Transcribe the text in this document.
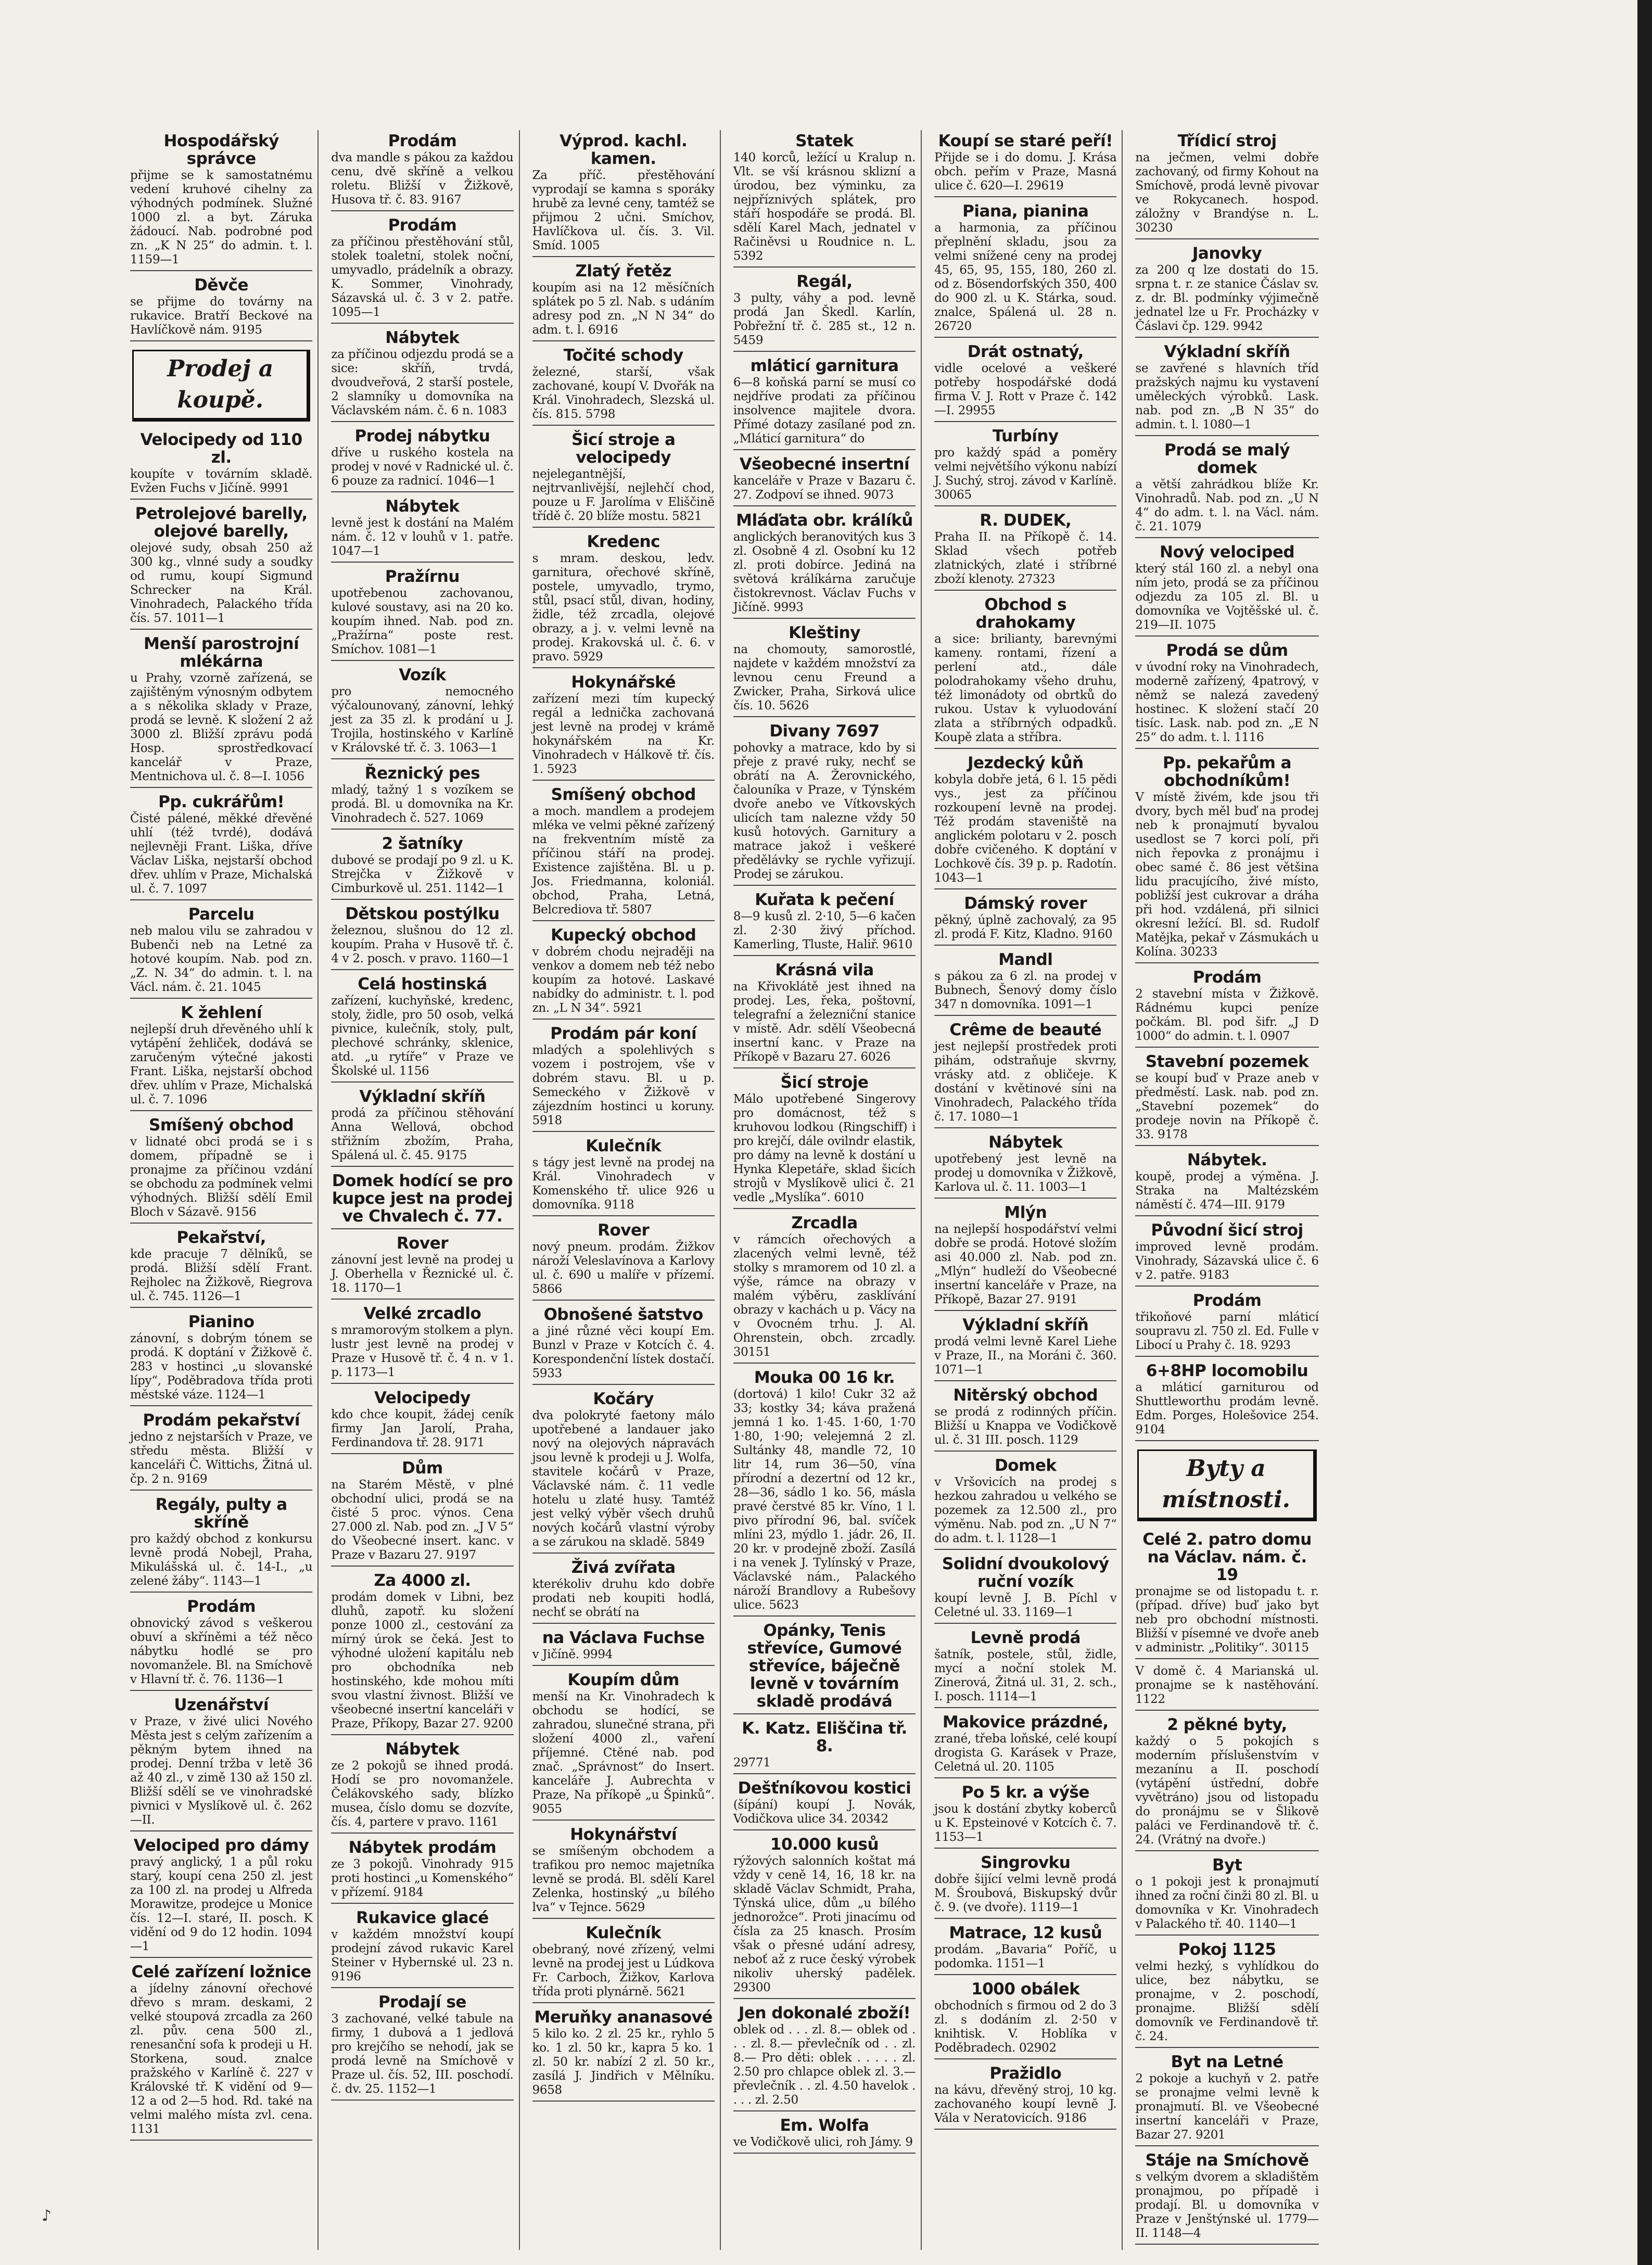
Hospodářský správce

přijme se k samostatnému vedení kruhové cihelny za výhodných podmínek. Služné 1000 zl. a byt. Záruka žádoucí. Nab. podrobné pod zn. „K N 25“ do admin. t. l. 1159—1

Děvče

se přijme do továrny na rukavice. Bratří Beckové na Havlíčkově nám. 9195

Prodej a koupě.
Velocipedy od 110 zl.

koupíte v továrním skladě. Evžen Fuchs v Jičíně. 9991

Petrolejové barelly, olejové barelly,

olejové sudy, obsah 250 až 300 kg., vlnné sudy a soudky od rumu, koupí Sigmund Schrecker na Král. Vinohradech, Palackého třída čís. 57. 1011—1

Menší parostrojní mlékárna

u Prahy, vzorně zařízená, se zajištěným výnosným odbytem a s několika sklady v Praze, prodá se levně. K složení 2 až 3000 zl. Bližší zprávu podá Hosp. sprostředkovací kancelář v Praze, Mentnichova ul. č. 8—I. 1056

Pp. cukrářům!

Čisté pálené, měkké dřevěné uhlí (též tvrdé), dodává nejlevněji Frant. Liška, dříve Václav Liška, nejstarší obchod dřev. uhlím v Praze, Michalská ul. č. 7. 1097

Parcelu

neb malou vilu se zahradou v Bubenči neb na Letné za hotové koupím. Nab. pod zn. „Z. N. 34“ do admin. t. l. na Václ. nám. č. 21. 1045

K žehlení

nejlepší druh dřevěného uhlí k vytápění žehliček, dodává se zaručeným výtečné jakosti Frant. Liška, nejstarší obchod dřev. uhlím v Praze, Michalská ul. č. 7. 1096

Smíšený obchod

v lidnaté obci prodá se i s domem, případně se i pronajme za příčinou vzdání se obchodu za podmínek velmi výhodných. Bližší sdělí Emil Bloch v Sázavě. 9156

Pekařství,

kde pracuje 7 dělníků, se prodá. Bližší sdělí Frant. Rejholec na Žižkově, Riegrova ul. č. 745. 1126—1

Pianino

zánovní, s dobrým tónem se prodá. K doptání v Žižkově č. 283 v hostinci „u slovanské lípy“, Poděbradova třída proti městské váze. 1124—1

Prodám pekařství

jedno z nejstarších v Praze, ve středu města. Bližší v kanceláři Č. Wittichs, Žitná ul. čp. 2 n. 9169

Regály, pulty a skříně

pro každý obchod z konkursu levně prodá Nobejl, Praha, Mikulášská ul. č. 14-I., „u zelené žáby“. 1143—1

Prodám

obnovický závod s veškerou obuví a skříněmi a též něco nábytku hodlé se pro novomanžele. Bl. na Smíchově v Hlavní tř. č. 76. 1136—1

Uzenářství

v Praze, v živé ulici Nového Města jest s celým zařízením a pěkným bytem ihned na prodej. Denní tržba v letě 36 až 40 zl., v zimě 130 až 150 zl. Bližší sdělí se ve vinohradské pivnici v Myslíkově ul. č. 262—II.

Velociped pro dámy

pravý anglický, 1 a půl roku starý, koupí cena 250 zl. jest za 100 zl. na prodej u Alfreda Morawitze, prodejce u Monice čís. 12—I. staré, II. posch. K vidění od 9 do 12 hodin. 1094—1

Celé zařízení ložnice

a jídelny zánovní ořechové dřevo s mram. deskami, 2 velké stoupová zrcadla za 260 zl. pův. cena 500 zl., renesanční sofa k prodeji u H. Storkena, soud. znalce pražského v Karlíně č. 227 v Královské tř. K vidění od 9—12 a od 2—5 hod. Rd. také na velmi malého místa zvl. cena. 1131

Prodám

dva mandle s pákou za každou cenu, dvě skříně a velkou roletu. Bližší v Žižkově, Husova tř. č. 83. 9167

Prodám

za příčinou přestěhování stůl, stolek toaletní, stolek noční, umyvadlo, prádelník a obrazy. K. Sommer, Vinohrady, Sázavská ul. č. 3 v 2. patře. 1095—1

Nábytek

za příčinou odjezdu prodá se a sice: skříň, trvdá, dvoudveřová, 2 starší postele, 2 slamníky u domovníka na Václavském nám. č. 6 n. 1083

Prodej nábytku

dříve u ruského kostela na prodej v nové v Radnické ul. č. 6 pouze za radnicí. 1046—1

Nábytek

levně jest k dostání na Malém nám. č. 12 v louhů v 1. patře. 1047—1

Pražírnu

upotřebenou zachovanou, kulové soustavy, asi na 20 ko. koupím ihned. Nab. pod zn. „Pražírna“ poste rest. Smíchov. 1081—1

Vozík

pro nemocného výčalounovaný, zánovní, lehký jest za 35 zl. k prodání u J. Trojila, hostinského v Karlíně v Královské tř. č. 3. 1063—1

Řeznický pes

mladý, tažný 1 s vozíkem se prodá. Bl. u domovníka na Kr. Vinohradech č. 527. 1069

2 šatníky

dubové se prodají po 9 zl. u K. Strejčka v Žižkově v Cimburkově ul. 251. 1142—1

Dětskou postýlku

železnou, slušnou do 12 zl. koupím. Praha v Husově tř. č. 4 v 2. posch. v pravo. 1160—1

Celá hostinská

zařízení, kuchyňské, kredenc, stoly, židle, pro 50 osob, velká pivnice, kulečník, stoly, pult, plechové schránky, sklenice, atd. „u rytíře“ v Praze ve Školské ul. 1156

Výkladní skříň

prodá za příčinou stěhování Anna Wellová, obchod střižním zbožím, Praha, Spálená ul. č. 45. 9175

Domek hodící se pro kupce jest na prodej ve Chvalech č. 77.
Rover

zánovní jest levně na prodej u J. Oberhella v Řeznické ul. č. 18. 1170—1

Velké zrcadlo

s mramorovým stolkem a plyn. lustr jest levně na prodej v Praze v Husově tř. č. 4 n. v 1. p. 1173—1

Velocipedy

kdo chce koupit, žádej ceník firmy Jan Jarolí, Praha, Ferdinandova tř. 28. 9171

Dům

na Starém Městě, v plné obchodní ulici, prodá se na čisté 5 proc. výnos. Cena 27.000 zl. Nab. pod zn. „J V 5“ do Všeobecné insert. kanc. v Praze v Bazaru 27. 9197

Za 4000 zl.

prodám domek v Libni, bez dluhů, zapotř. ku složení ponze 1000 zl., cestování za mírný úrok se čeká. Jest to výhodné uložení kapitálu neb pro obchodníka neb hostinského, kde mohou míti svou vlastní živnost. Bližší ve všeobecné insertní kanceláři v Praze, Příkopy, Bazar 27. 9200

Nábytek

ze 2 pokojů se ihned prodá. Hodí se pro novomanžele. Čelákovského sady, blízko musea, číslo domu se dozvíte, čís. 4, partere v pravo. 1161

Nábytek prodám

ze 3 pokojů. Vinohrady 915 proti hostinci „u Komenského“ v přízemí. 9184

Rukavice glacé

v každém množství koupí prodejní závod rukavic Karel Steiner v Hybernské ul. 23 n. 9196

Prodají se

3 zachované, velké tabule na firmy, 1 dubová a 1 jedlová pro krejčího se nehodí, jak se prodá levně na Smíchově v Praze ul. čís. 52, III. poschodí. č. dv. 25. 1152—1

Výprod. kachl. kamen.

Za příč. přestěhování vyprodají se kamna s sporáky hrubě za levné ceny, tamtéž se přijmou 2 učni. Smíchov, Havlíčkova ul. čís. 3. Vil. Smíd. 1005

Zlatý řetěz

koupím asi na 12 měsíčních splátek po 5 zl. Nab. s udáním adresy pod zn. „N N 34“ do adm. t. l. 6916

Točité schody

železné, starší, však zachované, koupí V. Dvořák na Král. Vinohradech, Slezská ul. čís. 815. 5798

Šicí stroje a velocipedy

nejelegantnější, nejtrvanlivější, nejlehčí chod, pouze u F. Jarolíma v Eliščině třídě č. 20 blíže mostu. 5821

Kredenc

s mram. deskou, ledv. garnitura, ořechové skříně, postele, umyvadlo, trymo, stůl, psací stůl, divan, hodiny, židle, též zrcadla, olejové obrazy, a j. v. velmi levně na prodej. Krakovská ul. č. 6. v pravo. 5929

Hokynářské

zařízení mezi tím kupecký regál a lednička zachovaná jest levně na prodej v krámě hokynářském na Kr. Vinohradech v Hálkově tř. čís. 1. 5923

Smíšený obchod

a moch. mandlem a prodejem mléka ve velmi pěkné zařízený na frekventním místě za příčinou stáří na prodej. Existence zajištěna. Bl. u p. Jos. Friedmanna, koloniál. obchod, Praha, Letná, Belcrediova tř. 5807

Kupecký obchod

v dobrém chodu nejraději na venkov a domem neb též nebo koupím za hotové. Laskavé nabídky do administr. t. l. pod zn. „L N 34“. 5921

Prodám pár koní

mladých a spolehlivých s vozem i postrojem, vše v dobrém stavu. Bl. u p. Semeckého v Žižkově v zájezdním hostinci u koruny. 5918

Kulečník

s tágy jest levně na prodej na Král. Vinohradech v Komenského tř. ulice 926 u domovníka. 9118

Rover

nový pneum. prodám. Žižkov nároží Veleslavínova a Karlovy ul. č. 690 u malíře v přízemí. 5866

Obnošené šatstvo

a jiné různé věci koupí Em. Bunzl v Praze v Kotcích č. 4. Korespondenční lístek dostačí. 5933

Kočáry

dva polokryté faetony málo upotřebené a landauer jako nový na olejových nápravách jsou levně k prodeji u J. Wolfa, stavitele kočárů v Praze, Václavské nám. č. 11 vedle hotelu u zlaté husy. Tamtéž jest velký výběr všech druhů nových kočárů vlastní výroby a se zárukou na skladě. 5849

Živá zvířata

kterékoliv druhu kdo dobře prodati neb koupiti hodlá, nechť se obrátí na

na Václava Fuchse

v Jičíně. 9994

Koupím dům

menší na Kr. Vinohradech k obchodu se hodící, se zahradou, slunečné strana, při složení 4000 zl., vaření příjemné. Ctěné nab. pod znač. „Správnost“ do Insert. kanceláře J. Aubrechta v Praze, Na příkopě „u Špinků“. 9055

Hokynářství

se smíšeným obchodem a trafikou pro nemoc majetníka levně se prodá. Bl. sdělí Karel Zelenka, hostinský „u bílého lva“ v Tejnce. 5629

Kulečník

obebraný, nové zřízený, velmi levně na prodej jest u Lúdkova Fr. Carboch, Žižkov, Karlova třída proti plynárně. 5621

Meruňky ananasové

5 kilo ko. 2 zl. 25 kr., ryhlo 5 ko. 1 zl. 50 kr., kapra 5 ko. 1 zl. 50 kr. nabízí 2 zl. 50 kr., zasílá J. Jindřich v Mělníku. 9658

Statek

140 korců, ležící u Kralup n. Vlt. se vší krásnou sklizní a úrodou, bez výminku, za nejpříznivých splátek, pro stáří hospodáře se prodá. Bl. sdělí Karel Mach, jednatel v Račiněvsi u Roudnice n. L. 5392

Regál,

3 pulty, váhy a pod. levně prodá Jan Škedl. Karlín, Pobřežní tř. č. 285 st., 12 n. 5459

mláticí garnitura

6—8 koňská parní se musí co nejdříve prodati za příčinou insolvence majitele dvora. Přímé dotazy zasílané pod zn. „Mláticí garnitura“ do

Všeobecné insertní

kanceláře v Praze v Bazaru č. 27. Zodpoví se ihned. 9073

Mláďata obr. králíků

anglických beranovitých kus 3 zl. Osobně 4 zl. Osobní ku 12 zl. proti dobírce. Jediná na světová králíkárna zaručuje čistokrevnost. Václav Fuchs v Jičíně. 9993

Kleštiny

na chomouty, samorostlé, najdete v každém množství za levnou cenu Freund a Zwicker, Praha, Sirková ulice čís. 10. 5626

Divany 7697

pohovky a matrace, kdo by si přeje z pravé ruky, nechť se obrátí na A. Žerovnického, čalouníka v Praze, v Týnském dvoře anebo ve Vítkovských ulicích tam nalezne vždy 50 kusů hotových. Garnitury a matrace jakož i veškeré předělávky se rychle vyřizují. Prodej se zárukou.

Kuřata k pečení

8—9 kusů zl. 2·10, 5—6 kačen zl. 2·30 živý příchod. Kamerling, Tluste, Haliř. 9610

Krásná vila

na Křivoklátě jest ihned na prodej. Les, řeka, poštovní, telegrafní a železniční stanice v místě. Adr. sdělí Všeobecná insertní kanc. v Praze na Příkopě v Bazaru 27. 6026

Šicí stroje

Málo upotřebené Singerovy pro domácnost, též s kruhovou lodkou (Ringschiff) i pro krejčí, dále ovilndr elastik, pro dámy na levně k dostání u Hynka Klepetáře, sklad šicích strojů v Myslíkově ulici č. 21 vedle „Myslíka“. 6010

Zrcadla

v rámcích ořechových a zlacených velmi levně, též stolky s mramorem od 10 zl. a výše, rámce na obrazy v malém výběru, zasklívání obrazy v kachách u p. Vácy na v Ovocném trhu. J. Al. Ohrenstein, obch. zrcadly. 30151

Mouka 00 16 kr.

(dortová) 1 kilo! Cukr 32 až 33; kostky 34; káva pražená jemná 1 ko. 1·45. 1·60, 1·70 1·80, 1·90; velejemná 2 zl. Sultánky 48, mandle 72, 10 litr 14, rum 36—50, vína přírodní a dezertní od 12 kr., 28—36, sádlo 1 ko. 56, másla pravé čerstvé 85 kr. Víno, 1 l. pivo přírodní 96, bal. svíček mlíni 23, mýdlo 1. jádr. 26, II. 20 kr. v prodejně zboží. Zasílá i na venek J. Tylínský v Praze, Václavské nám., Palackého nároží Brandlovy a Rubešovy ulice. 5623

Opánky, Tenis střevíce, Gumové střevíce, báječně levně v továrním skladě prodává
K. Katz. Eliščina tř. 8.

29771

Dešťníkovou kostici

(šípání) koupí J. Novák, Vodičkova ulice 34. 20342

10.000 kusů

rýžových salonních koštat má vždy v ceně 14, 16, 18 kr. na skladě Václav Schmidt, Praha, Týnská ulice, dům „u bílého jednorožce“. Proti jinacímu od čísla za 25 knasch. Prosím však o přesné udání adresy, neboť až z ruce český výrobek nikoliv uherský padělek. 29300

Jen dokonalé zboží!

oblek od . . . zl. 8.— oblek od . . . zl. 8.— převlečník od . . zl. 8.— Pro děti: oblek . . . . . zl. 2.50 pro chlapce oblek zl. 3.— převlečník . . zl. 4.50 havelok . . . . zl. 2.50

Em. Wolfa

ve Vodičkově ulici, roh Jámy. 9

Koupí se staré peří!

Přijde se i do domu. J. Krása obch. peřím v Praze, Masná ulice č. 620—I. 29619

Piana, pianina

a harmonia, za příčinou přeplnění skladu, jsou za velmi snížené ceny na prodej 45, 65, 95, 155, 180, 260 zl. od z. Bösendorfských 350, 400 do 900 zl. u K. Stárka, soud. znalce, Spálená ul. 28 n. 26720

Drát ostnatý,

vidle ocelové a veškeré potřeby hospodářské dodá firma V. J. Rott v Praze č. 142—I. 29955

Turbíny

pro každý spád a poměry velmi největšího výkonu nabízí J. Suchý, stroj. závod v Karlíně. 30065

R. DUDEK,

Praha II. na Příkopě č. 14. Sklad všech potřeb zlatnických, zlaté i stříbrné zboží klenoty. 27323

Obchod s drahokamy

a sice: brilianty, barevnými kameny. rontami, řízení a perlení atd., dále polodrahokamy všeho druhu, též limonádoty od obrtků do rukou. Ustav k vyluodování zlata a stříbrných odpadků. Koupě zlata a stříbra.

Jezdecký kůň

kobyla dobře jetá, 6 l. 15 pědi vys., jest za příčinou rozkoupení levně na prodej. Též prodám staveniště na anglickém polotaru v 2. posch dobře cvičeného. K doptání v Lochkově čís. 39 p. p. Radotín. 1043—1

Dámský rover

pěkný, úplně zachovalý, za 95 zl. prodá F. Kitz, Kladno. 9160

Mandl

s pákou za 6 zl. na prodej v Bubnech, Šenový domy číslo 347 n domovníka. 1091—1

Crême de beauté

jest nejlepší prostředek proti pihám, odstraňuje skvrny, vrásky atd. z obličeje. K dostání v květinové síni na Vinohradech, Palackého třída č. 17. 1080—1

Nábytek

upotřebený jest levně na prodej u domovníka v Žižkově, Karlova ul. č. 11. 1003—1

Mlýn

na nejlepší hospodářství velmi dobře se prodá. Hotové složím asi 40.000 zl. Nab. pod zn. „Mlýn“ hudleží do Všeobecné insertní kanceláře v Praze, na Příkopě, Bazar 27. 9191

Výkladní skříň

prodá velmi levně Karel Liehe v Praze, II., na Moráni č. 360. 1071—1

Nitěrský obchod

se prodá z rodinných příčin. Bližší u Knappa ve Vodičkově ul. č. 31 III. posch. 1129

Domek

v Vršovicích na prodej s hezkou zahradou u velkého se pozemek za 12.500 zl., pro výměnu. Nab. pod zn. „U N 7“ do adm. t. l. 1128—1

Solidní dvoukolový ruční vozík

koupí levně J. B. Píchl v Celetné ul. 33. 1169—1

Levně prodá

šatník, postele, stůl, židle, mycí a noční stolek M. Zinerová, Žitná ul. 31, 2. sch., I. posch. 1114—1

Makovice prázdné,

zrané, třeba loňské, celé koupí drogista G. Karásek v Praze, Celetná ul. 20. 1105

Po 5 kr. a výše

jsou k dostání zbytky koberců u K. Epsteinové v Kotcích č. 7. 1153—1

Singrovku

dobře šijící velmi levně prodá M. Šroubová, Biskupský dvůr č. 9. (ve dvoře). 1119—1

Matrace, 12 kusů

prodám. „Bavaria“ Poříč, u podomka. 1151—1

1000 obálek

obchodních s firmou od 2 do 3 zl. s dodáním zl. 2·50 v knihtisk. V. Hoblíka v Poděbradech. 02902

Pražidlo

na kávu, dřevěný stroj, 10 kg. zachovaného koupí levně J. Vála v Neratovicích. 9186

Třídicí stroj

na ječmen, velmi dobře zachovaný, od firmy Kohout na Smíchově, prodá levně pivovar ve Rokycanech. hospod. záložny v Brandýse n. L. 30230

Janovky

za 200 q lze dostati do 15. srpna t. r. ze stanice Čáslav sv. z. dr. Bl. podmínky výjimečně jednatel lze u Fr. Procházky v Čáslavi čp. 129. 9942

Výkladní skříň

se zavřené s hlavních tříd pražských najmu ku vystavení uměleckých výrobků. Lask. nab. pod zn. „B N 35“ do admin. t. l. 1080—1

Prodá se malý domek

a větší zahrádkou blíže Kr. Vinohradů. Nab. pod zn. „U N 4“ do adm. t. l. na Václ. nám. č. 21. 1079

Nový velociped

který stál 160 zl. a nebyl ona ním jeto, prodá se za příčinou odjezdu za 105 zl. Bl. u domovníka ve Vojtěšské ul. č. 219—II. 1075

Prodá se dům

v úvodní roky na Vinohradech, moderně zařízený, 4patrový, v němž se nalezá zavedený hostinec. K složení stačí 20 tisíc. Lask. nab. pod zn. „E N 25“ do adm. t. l. 1116

Pp. pekařům a obchodníkům!

V místě živém, kde jsou tři dvory, bych měl buď na prodej neb k pronajmutí byvalou usedlost se 7 korci polí, při nich řepovka z pronájmu i obec samé č. 86 jest většina lidu pracujícího, živé místo, pobližší jest cukrovar a dráha při hod. vzdálená, při silnici okresní ležící. Bl. sd. Rudolf Matějka, pekař v Zásmukách u Kolína. 30233

Prodám

2 stavební místa v Žižkově. Rádnému kupci peníze počkám. Bl. pod šifr. „J D 1000“ do admin. t. l. 0907

Stavební pozemek

se koupí buď v Praze aneb v předměstí. Lask. nab. pod zn. „Stavební pozemek“ do prodeje novin na Příkopě č. 33. 9178

Nábytek.

koupě, prodej a výměna. J. Straka na Maltézském náměstí č. 474—III. 9179

Původní šicí stroj

improved levně prodám. Vinohrady, Sázavská ulice č. 6 v 2. patře. 9183

Prodám

třikoňové parní mláticí soupravu zl. 750 zl. Ed. Fulle v Libocí u Prahy č. 18. 9293

6+8HP locomobilu

a mláticí garniturou od Shuttleworthu prodám levně. Edm. Porges, Holešovice 254. 9104

Byty a místnosti.
Celé 2. patro domu na Václav. nám. č. 19

pronajme se od listopadu t. r. (případ. dříve) buď jako byt neb pro obchodní místnosti. Bližší v písemné ve dvoře aneb v administr. „Politiky“. 30115

V domě č. 4 Marianská ul. pronajme se k nastěhování. 1122

2 pěkné byty,

každý o 5 pokojích s moderním příslušenstvím v mezanínu a II. poschodí (vytápění ústřední, dobře vyvětráno) jsou od listopadu do pronájmu se v Šlikově paláci ve Ferdinandově tř. č. 24. (Vrátný na dvoře.)

Byt

o 1 pokoji jest k pronajmutí ihned za roční činži 80 zl. Bl. u domovníka v Kr. Vinohradech v Palackého tř. 40. 1140—1

Pokoj 1125

velmi hezký, s vyhlídkou do ulice, bez nábytku, se pronajme, v 2. poschodí, pronajme. Bližší sdělí domovník ve Ferdinandově tř. č. 24.

Byt na Letné

2 pokoje a kuchyň v 2. patře se pronajme velmi levně k pronajmutí. Bl. ve Všeobecné insertní kanceláři v Praze, Bazar 27. 9201

Stáje na Smíchově

s velkým dvorem a skladištěm pronajmou, po případě i prodají. Bl. u domovníka v Praze v Jenštýnské ul. 1779—II. 1148—4

♪
